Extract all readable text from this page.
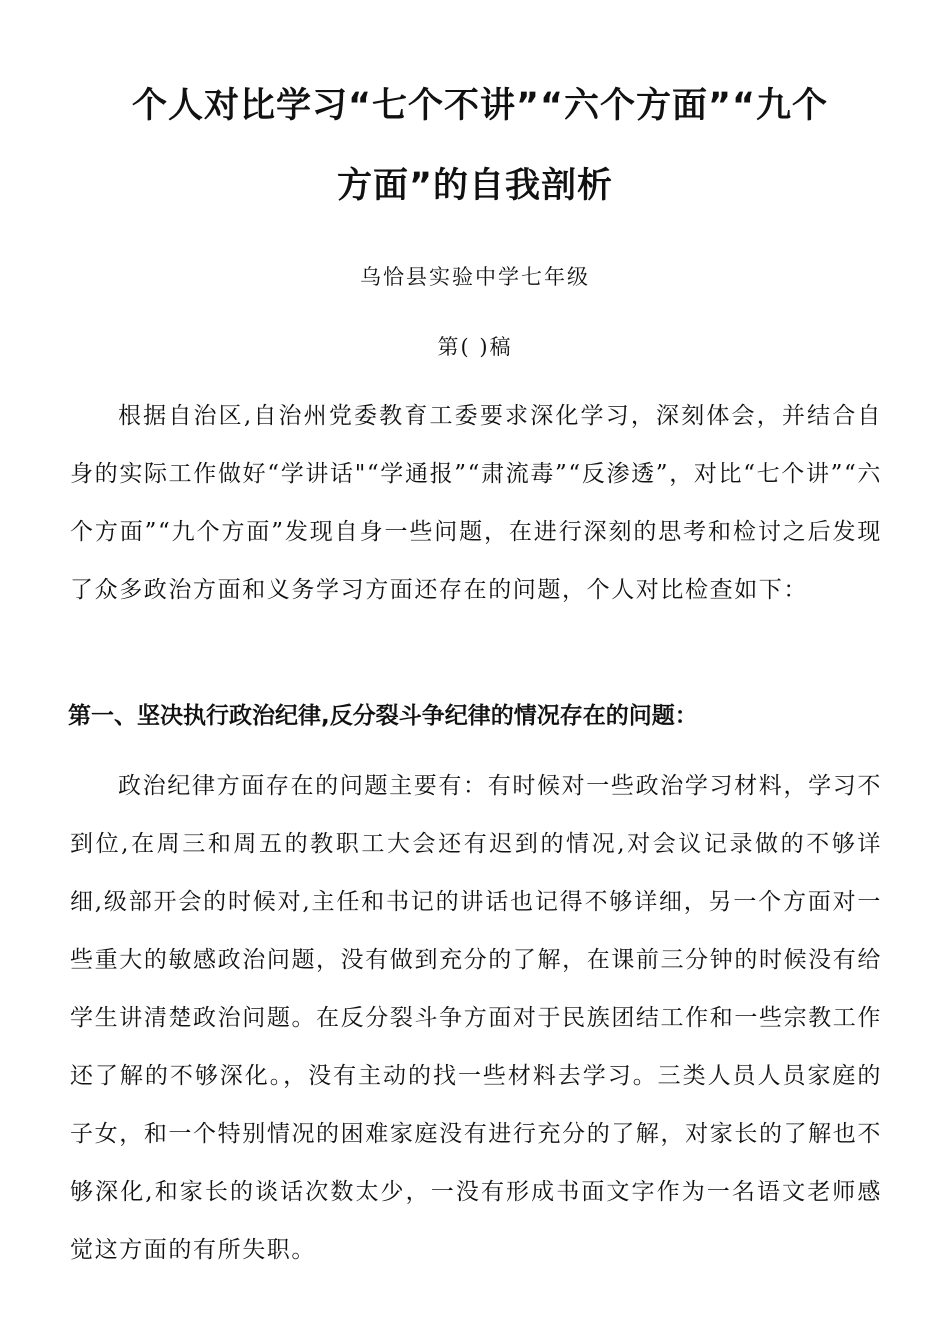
个人对比学习“七个不讲”“六个方面”“九个
方面”的自我剖析
乌恰县实验中学七年级
第( )稿

根据自治区,自治州党委教育工委要求深化学习，深刻体会，并结合自身的实际工作做好“学讲话"“学通报”“肃流毒”“反渗透”，对比“七个讲”“六个方面”“九个方面”发现自身一些问题，在进行深刻的思考和检讨之后发现了众多政治方面和义务学习方面还存在的问题，个人对比检查如下：

第一、坚决执行政治纪律,反分裂斗争纪律的情况存在的问题：

政治纪律方面存在的问题主要有：有时候对一些政治学习材料，学习不到位,在周三和周五的教职工大会还有迟到的情况,对会议记录做的不够详细,级部开会的时候对,主任和书记的讲话也记得不够详细，另一个方面对一些重大的敏感政治问题，没有做到充分的了解，在课前三分钟的时候没有给学生讲清楚政治问题。在反分裂斗争方面对于民族团结工作和一些宗教工作还了解的不够深化。，没有主动的找一些材料去学习。三类人员人员家庭的子女，和一个特别情况的困难家庭没有进行充分的了解，对家长的了解也不够深化,和家长的谈话次数太少，一没有形成书面文字作为一名语文老师感觉这方面的有所失职。
